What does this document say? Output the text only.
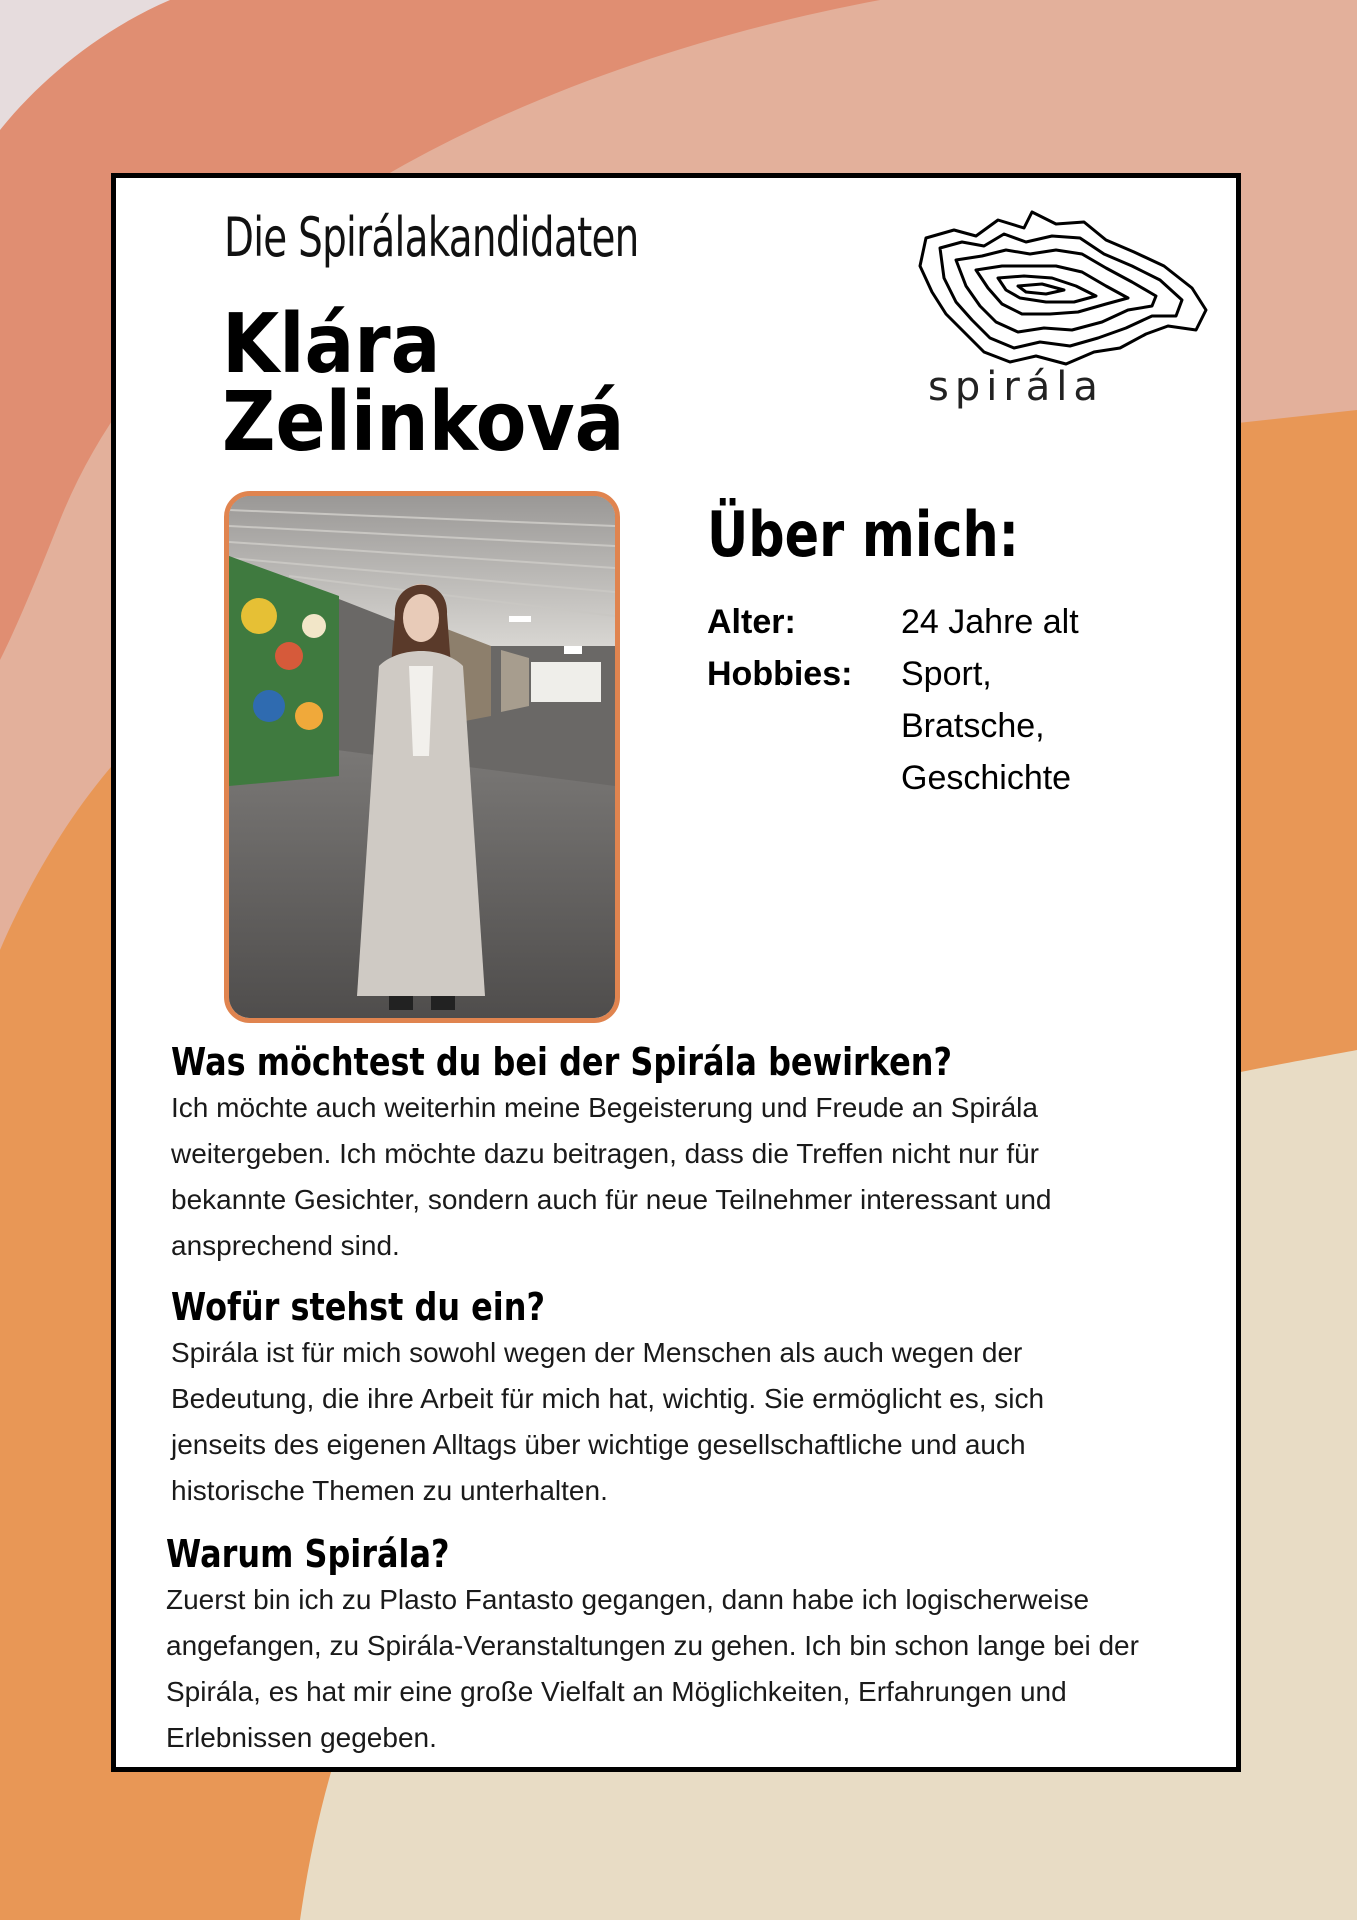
Die Spirálakandidaten
Klára
Zelinková	spirála
Über mich:
Alter:	24 Jahre alt
Hobbies:	Sport,
Bratsche,
Geschichte
Was möchtest du bei der Spirála bewirken?

Ich möchte auch weiterhin meine Begeisterung und Freude an Spirála
weitergeben. Ich möchte dazu beitragen, dass die Treffen nicht nur für
bekannte Gesichter, sondern auch für neue Teilnehmer interessant und
ansprechend sind.

Wofür stehst du ein?

Spirála ist für mich sowohl wegen der Menschen als auch wegen der
Bedeutung, die ihre Arbeit für mich hat, wichtig. Sie ermöglicht es, sich
jenseits des eigenen Alltags über wichtige gesellschaftliche und auch
historische Themen zu unterhalten.

Warum Spirála?

Zuerst bin ich zu Plasto Fantasto gegangen, dann habe ich logischerweise
angefangen, zu Spirála-Veranstaltungen zu gehen. Ich bin schon lange bei der
Spirála, es hat mir eine große Vielfalt an Möglichkeiten, Erfahrungen und
Erlebnissen gegeben.
